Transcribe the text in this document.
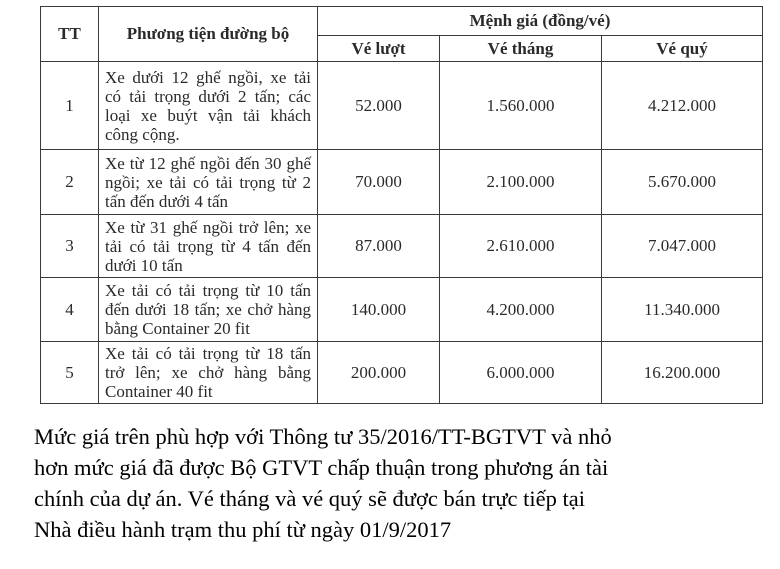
TT	Phương tiện đường bộ	Mệnh giá (đồng/vé)		
		Vé lượt	Vé tháng	Vé quý
1	Xe dưới 12 ghế ngồi, xe tải có tải trọng dưới 2 tấn; các loại xe buýt vận tải khách công cộng.	52.000	1.560.000	4.212.000
2	Xe từ 12 ghế ngồi đến 30 ghế ngồi; xe tải có tải trọng từ 2 tấn đến dưới 4 tấn	70.000	2.100.000	5.670.000
3	Xe từ 31 ghế ngồi trở lên; xe tải có tải trọng từ 4 tấn đến dưới 10 tấn	87.000	2.610.000	7.047.000
4	Xe tải có tải trọng từ 10 tấn đến dưới 18 tấn; xe chở hàng bằng Container 20 fit	140.000	4.200.000	11.340.000
5	Xe tải có tải trọng từ 18 tấn trở lên; xe chở hàng bằng Container 40 fit	200.000	6.000.000	16.200.000
Mức giá trên phù hợp với Thông tư 35/2016/TT-BGTVT và nhỏ
hơn mức giá đã được Bộ GTVT chấp thuận trong phương án tài
chính của dự án. Vé tháng và vé quý sẽ được bán trực tiếp tại
Nhà điều hành trạm thu phí từ ngày 01/9/2017
